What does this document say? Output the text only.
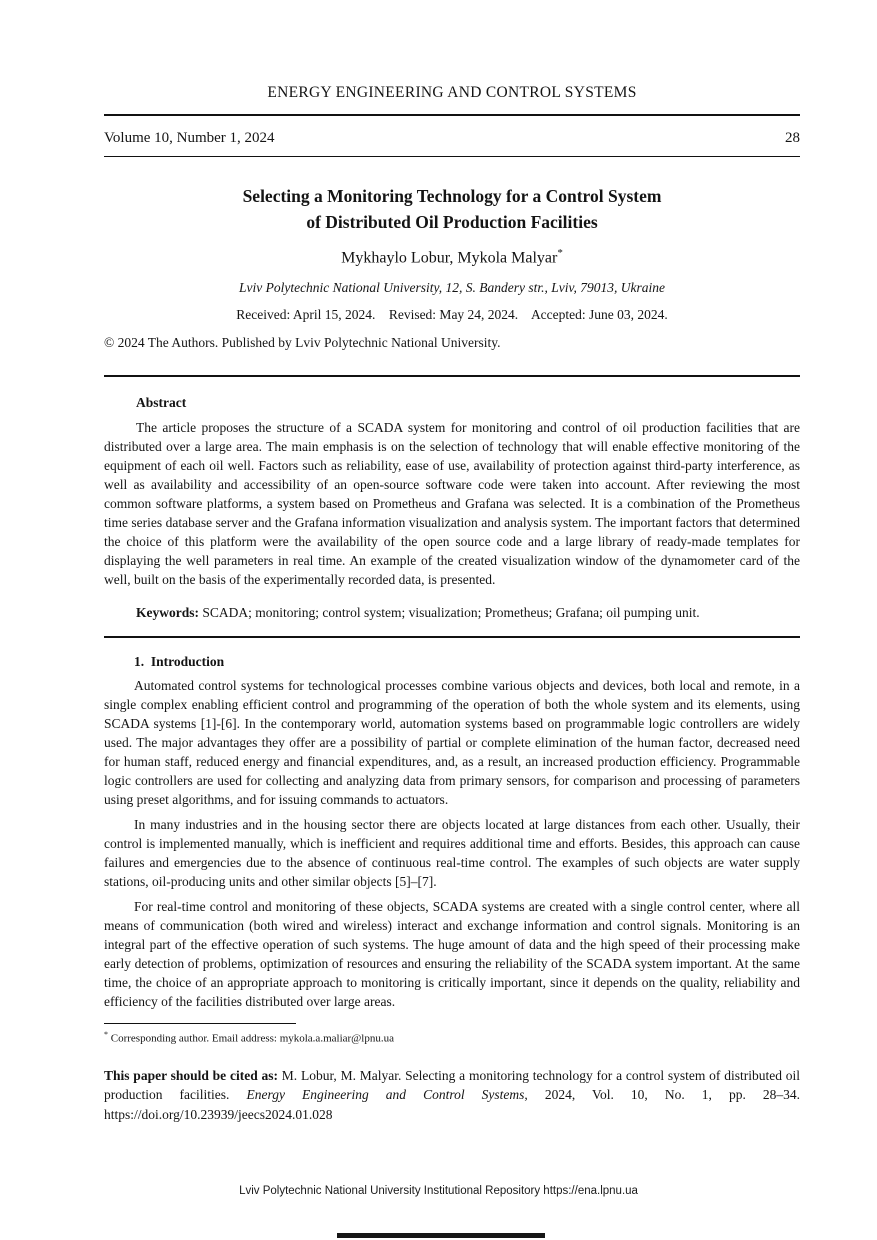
ENERGY ENGINEERING AND CONTROL SYSTEMS
Volume 10, Number 1, 2024	28
Selecting a Monitoring Technology for a Control System
of Distributed Oil Production Facilities
Mykhaylo Lobur, Mykola Malyar*
Lviv Polytechnic National University, 12, S. Bandery str., Lviv, 79013, Ukraine
Received: April 15, 2024.    Revised: May 24, 2024.    Accepted: June 03, 2024.
© 2024 The Authors. Published by Lviv Polytechnic National University.
Abstract

The article proposes the structure of a SCADA system for monitoring and control of oil production facilities that are distributed over a large area. The main emphasis is on the selection of technology that will enable effective monitoring of the equipment of each oil well. Factors such as reliability, ease of use, availability of protection against third-party interference, as well as availability and accessibility of an open-source software code were taken into account. After reviewing the most common software platforms, a system based on Prometheus and Grafana was selected. It is a combination of the Prometheus time series database server and the Grafana information visualization and analysis system. The important factors that determined the choice of this platform were the availability of the open source code and a large library of ready-made templates for displaying the well parameters in real time. An example of the created visualization window of the dynamometer card of the well, built on the basis of the experimentally recorded data, is presented.

Keywords: SCADA; monitoring; control system; visualization; Prometheus; Grafana; oil pumping unit.

1.  Introduction

Automated control systems for technological processes combine various objects and devices, both local and remote, in a single complex enabling efficient control and programming of the operation of both the whole system and its elements, using SCADA systems [1]-[6]. In the contemporary world, automation systems based on programmable logic controllers are widely used. The major advantages they offer are a possibility of partial or complete elimination of the human factor, decreased need for human staff, reduced energy and financial expenditures, and, as a result, an increased production efficiency. Programmable logic controllers are used for collecting and analyzing data from primary sensors, for comparison and processing of parameters using preset algorithms, and for issuing commands to actuators.

In many industries and in the housing sector there are objects located at large distances from each other. Usually, their control is implemented manually, which is inefficient and requires additional time and efforts. Besides, this approach can cause failures and emergencies due to the absence of continuous real-time control. The examples of such objects are water supply stations, oil-producing units and other similar objects [5]–[7].

For real-time control and monitoring of these objects, SCADA systems are created with a single control center, where all means of communication (both wired and wireless) interact and exchange information and control signals. Monitoring is an integral part of the effective operation of such systems. The huge amount of data and the high speed of their processing make early detection of problems, optimization of resources and ensuring the reliability of the SCADA system important. At the same time, the choice of an appropriate approach to monitoring is critically important, since it depends on the quality, reliability and efficiency of the facilities distributed over large areas.

* Corresponding author. Email address: mykola.a.maliar@lpnu.ua

This paper should be cited as: M. Lobur, M. Malyar. Selecting a monitoring technology for a control system of distributed oil production facilities. Energy Engineering and Control Systems, 2024, Vol. 10, No. 1, pp. 28–34. https://doi.org/10.23939/jeecs2024.01.028

Lviv Polytechnic National University Institutional Repository https://ena.lpnu.ua
